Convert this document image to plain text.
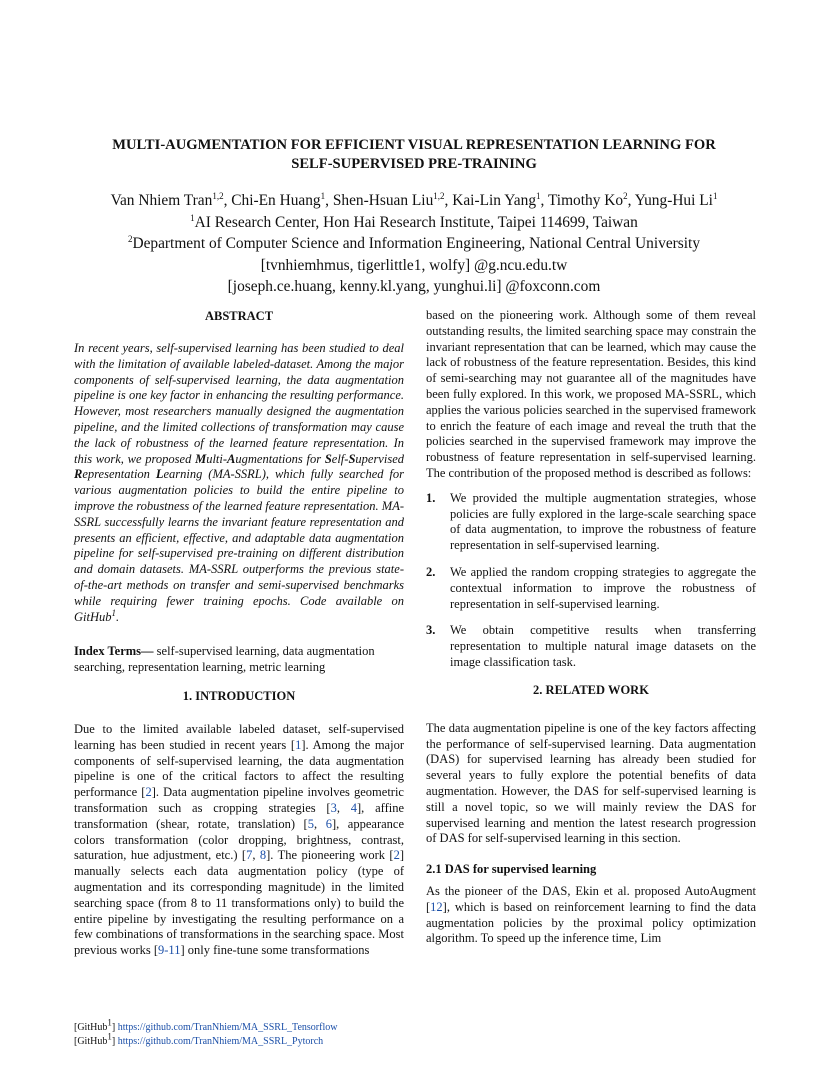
MULTI-AUGMENTATION FOR EFFICIENT VISUAL REPRESENTATION LEARNING FOR
SELF-SUPERVISED PRE-TRAINING
Van Nhiem Tran$^{1,2}$, Chi-En Huang$^1$, Shen-Hsuan Liu$^{1,2}$, Kai-Lin Yang$^1$, Timothy Ko$^2$, Yung-Hui Li$^1$
$^1$AI Research Center, Hon Hai Research Institute, Taipei 114699, Taiwan
$^2$Department of Computer Science and Information Engineering, National Central University
[tvnhiemhmus, tigerlittle1, wolfy] @g.ncu.edu.tw
[joseph.ce.huang, kenny.kl.yang, yunghui.li] @foxconn.com
ABSTRACT

In recent years, self-supervised learning has been studied to deal with the limitation of available labeled-dataset. Among the major components of self-supervised learning, the data augmentation pipeline is one key factor in enhancing the resulting performance. However, most researchers manually designed the augmentation pipeline, and the limited collections of transformation may cause the lack of robustness of the learned feature representation. In this work, we proposed Multi-Augmentations for Self-Supervised Representation Learning (MA-SSRL), which fully searched for various augmentation policies to build the entire pipeline to improve the robustness of the learned feature representation. MA-SSRL successfully learns the invariant feature representation and presents an efficient, effective, and adaptable data augmentation pipeline for self-supervised pre-training on different distribution and domain datasets. MA-SSRL outperforms the previous state-of-the-art methods on transfer and semi-supervised benchmarks while requiring fewer training epochs. Code available on GitHub$^1$.

Index Terms— self-supervised learning, data augmentation searching, representation learning, metric learning

1. INTRODUCTION

Due to the limited available labeled dataset, self-supervised learning has been studied in recent years [1]. Among the major components of self-supervised learning, the data augmentation pipeline is one of the critical factors to affect the resulting performance [2]. Data augmentation pipeline involves geometric transformation such as cropping strategies [3, 4], affine transformation (shear, rotate, translation) [5, 6], appearance colors transformation (color dropping, brightness, contrast, saturation, hue adjustment, etc.) [7, 8]. The pioneering work [2] manually selects each data augmentation policy (type of augmentation and its corresponding magnitude) in the limited searching space (from 8 to 11 transformations only) to build the entire pipeline by investigating the resulting performance on a few combinations of transformations in the searching space. Most previous works [9-11] only fine-tune some transformations

based on the pioneering work. Although some of them reveal outstanding results, the limited searching space may constrain the invariant representation that can be learned, which may cause the lack of robustness of the feature representation. Besides, this kind of semi-searching may not guarantee all of the magnitudes have been fully explored. In this work, we proposed MA-SSRL, which applies the various policies searched in the supervised framework to enrich the feature of each image and reveal the truth that the policies searched in the supervised framework may improve the robustness of feature representation in self-supervised learning. The contribution of the proposed method is described as follows:

1. We provided the multiple augmentation strategies, whose policies are fully explored in the large-scale searching space of data augmentation, to improve the robustness of feature representation in self-supervised learning.
2. We applied the random cropping strategies to aggregate the contextual information to improve the robustness of representation in self-supervised learning.
3. We obtain competitive results when transferring representation to multiple natural image datasets on the image classification task.
2. RELATED WORK

The data augmentation pipeline is one of the key factors affecting the performance of self-supervised learning. Data augmentation (DAS) for supervised learning has already been studied for several years to fully explore the potential benefits of data augmentation. However, the DAS for self-supervised learning is still a novel topic, so we will mainly review the DAS for supervised learning and mention the latest research progression of DAS for self-supervised learning in this section.

2.1 DAS for supervised learning

As the pioneer of the DAS, Ekin et al. proposed AutoAugment [12], which is based on reinforcement learning to find the data augmentation policies by the proximal policy optimization algorithm. To speed up the inference time, Lim

[GitHub$^1$] https://github.com/TranNhiem/MA_SSRL_Tensorflow
[GitHub$^1$] https://github.com/TranNhiem/MA_SSRL_Pytorch
